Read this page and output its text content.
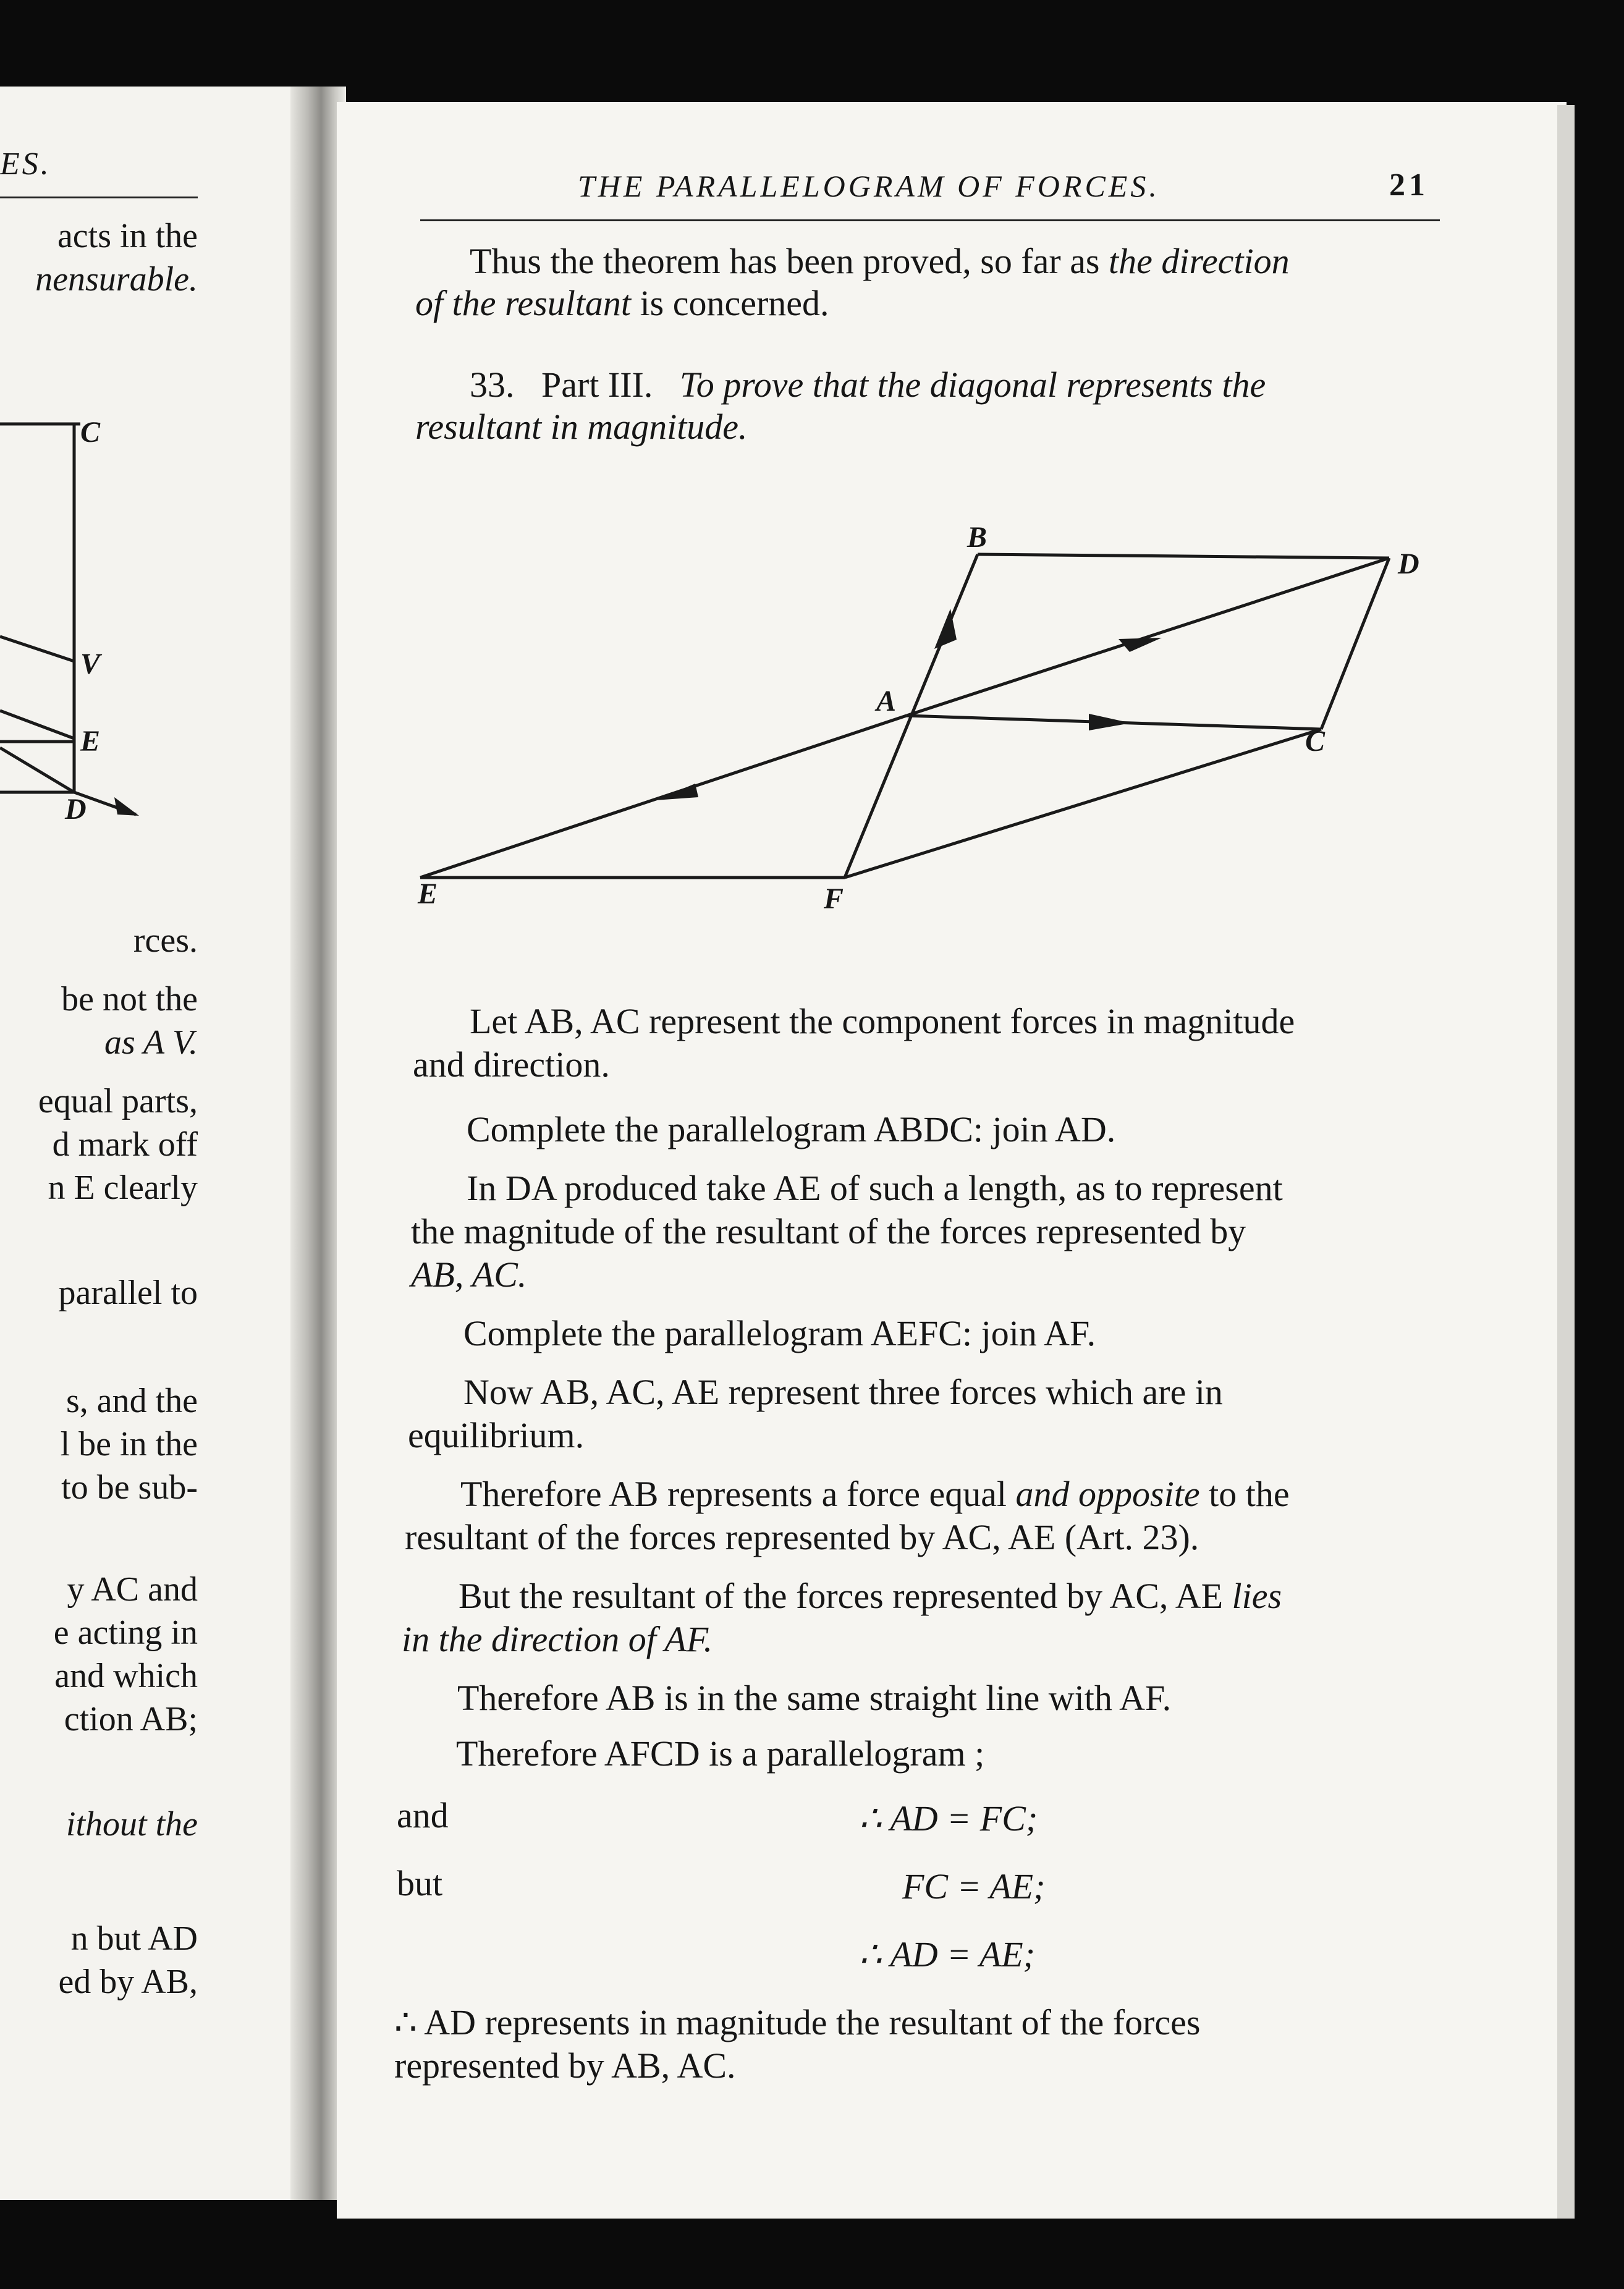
ES.
acts in the
nensurable.
rces.
be not the
as A V.
equal parts,
d mark off
n E clearly
parallel to
s, and the
l be in the
to be sub-
y AC and
e acting in
and which
ction AB;
ithout the
n but AD
ed by AB,
THE PARALLELOGRAM OF FORCES.	21
Thus the theorem has been proved, so far as the direction
of the resultant is concerned.
33. Part III. To prove that the diagonal represents the
resultant in magnitude.
Let AB, AC represent the component forces in magnitude
and direction.
Complete the parallelogram ABDC: join AD.
In DA produced take AE of such a length, as to represent
the magnitude of the resultant of the forces represented by
AB, AC.
Complete the parallelogram AEFC: join AF.
Now AB, AC, AE represent three forces which are in
equilibrium.
Therefore AB represents a force equal and opposite to the
resultant of the forces represented by AC, AE (Art. 23).
But the resultant of the forces represented by AC, AE lies
in the direction of AF.
Therefore AB is in the same straight line with AF.
Therefore AFCD is a parallelogram ;
and	∴ AD = FC;
but	FC = AE;
∴ AD = AE;
∴ AD represents in magnitude the resultant of the forces
represented by AB, AC.
C
V
E
D
B
D
A
C
E	F
